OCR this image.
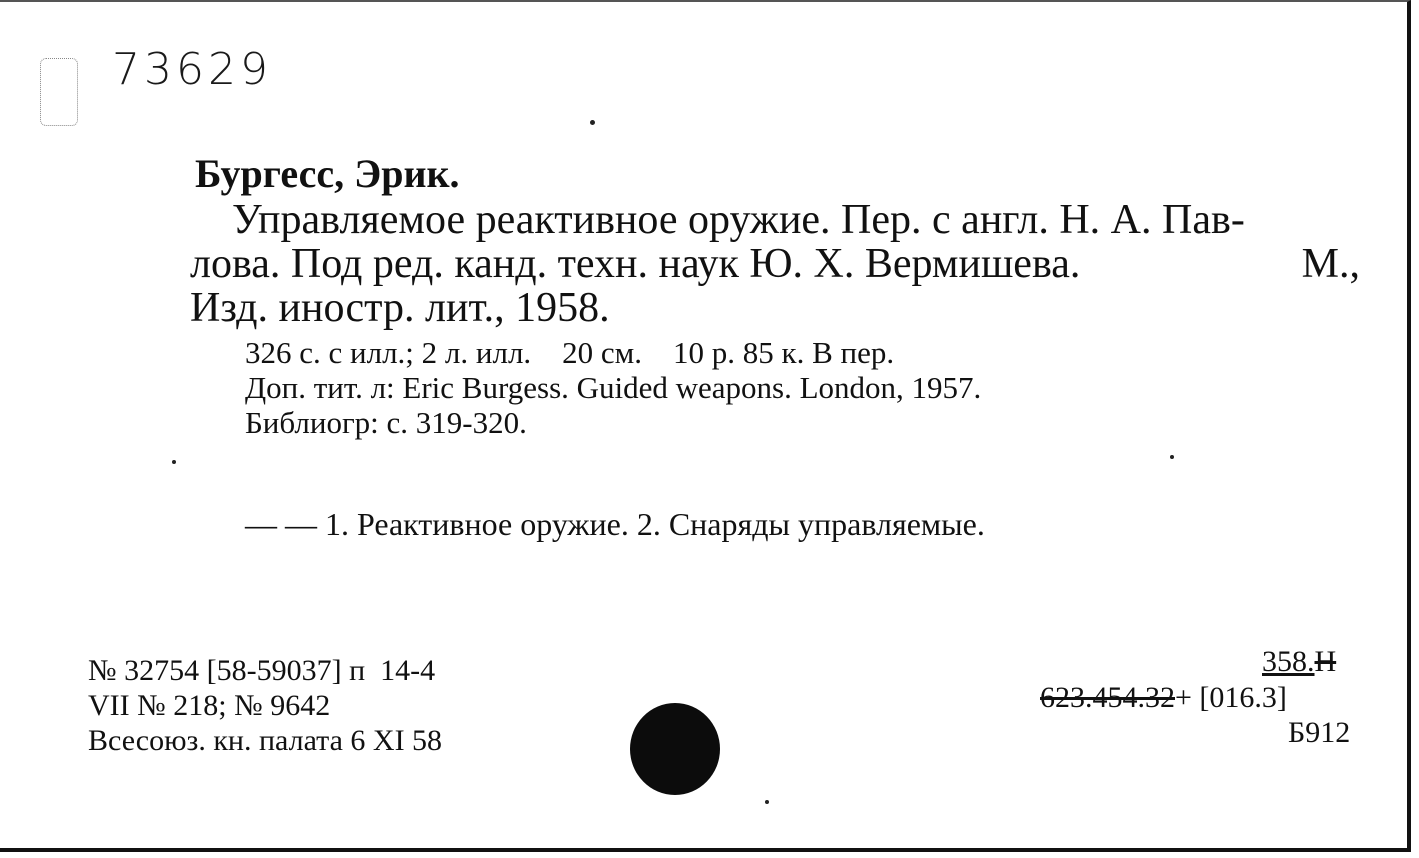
73629
Бургесс, Эрик.
Управляемое реактивное оружие. Пер. с англ. Н. А. Пав-
лова. Под ред. канд. техн. наук Ю. Х. Вермишева.	М.,
Изд. иностр. лит., 1958.
326 с. с илл.; 2 л. илл.    20 см.    10 р. 85 к. В пер.
Доп. тит. л: Eric Burgess. Guided weapons. London, 1957.
Библиогр: с. 319-320.
— — 1. Реактивное оружие. 2. Снаряды управляемые.
№ 32754 [58-59037] п  14-4
VII № 218; № 9642
Всесоюз. кн. палата 6 XI 58
358.Н
623.454.32+ [016.3]
Б912
